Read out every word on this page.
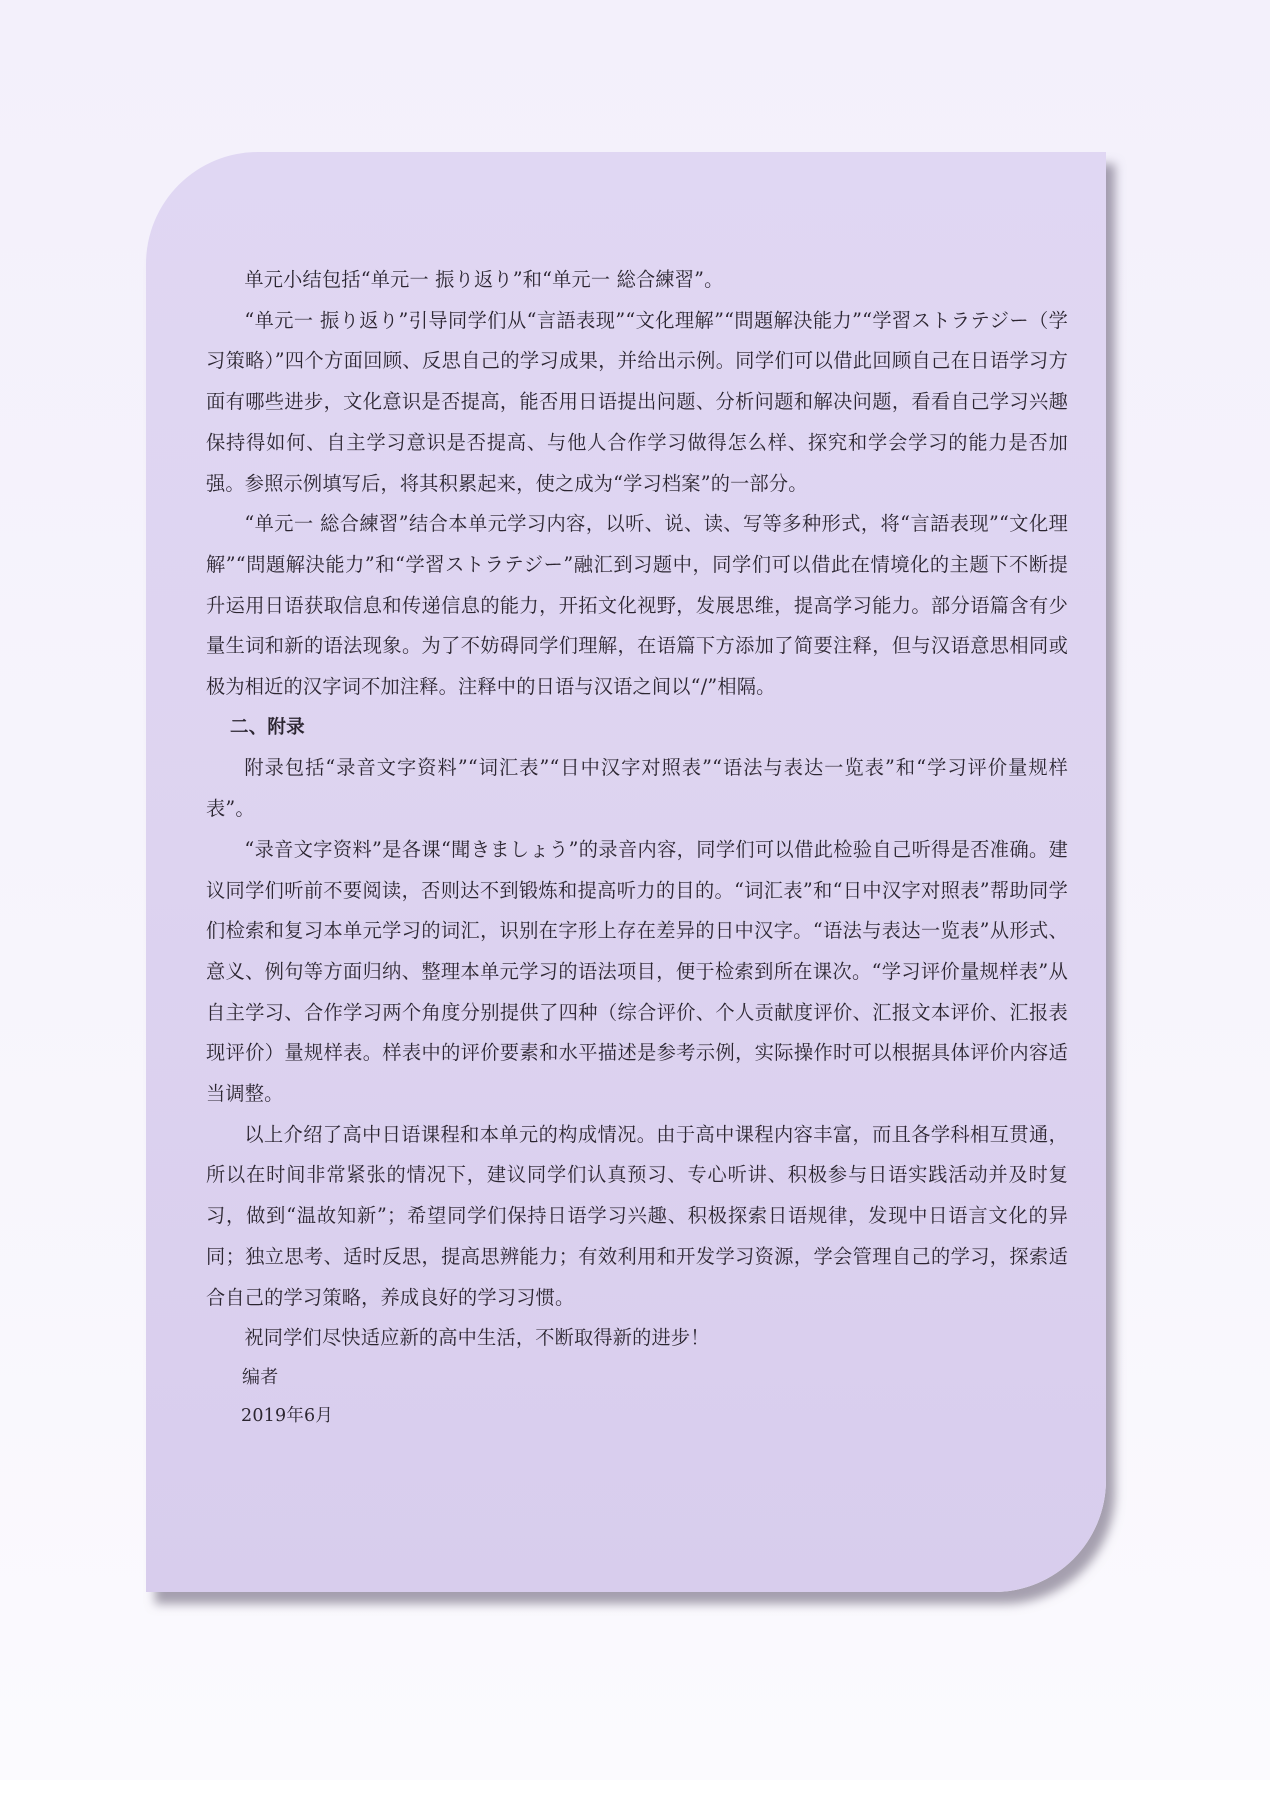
单元小结包括“单元一 振り返り”和“单元一 総合練習”。

“单元一 振り返り”引导同学们从“言語表现”“文化理解”“問題解決能力”“学習ストラテジー（学习策略）”四个方面回顾、反思自己的学习成果，并给出示例。同学们可以借此回顾自己在日语学习方面有哪些进步，文化意识是否提高，能否用日语提出问题、分析问题和解决问题，看看自己学习兴趣保持得如何、自主学习意识是否提高、与他人合作学习做得怎么样、探究和学会学习的能力是否加强。参照示例填写后，将其积累起来，使之成为“学习档案”的一部分。

“单元一 総合練習”结合本单元学习内容，以听、说、读、写等多种形式，将“言語表现”“文化理解”“問題解決能力”和“学習ストラテジー”融汇到习题中，同学们可以借此在情境化的主题下不断提升运用日语获取信息和传递信息的能力，开拓文化视野，发展思维，提高学习能力。部分语篇含有少量生词和新的语法现象。为了不妨碍同学们理解，在语篇下方添加了简要注释，但与汉语意思相同或极为相近的汉字词不加注释。注释中的日语与汉语之间以“/”相隔。

二、附录

附录包括“录音文字资料”“词汇表”“日中汉字对照表”“语法与表达一览表”和“学习评价量规样表”。

“录音文字资料”是各课“聞きましょう”的录音内容，同学们可以借此检验自己听得是否准确。建议同学们听前不要阅读，否则达不到锻炼和提高听力的目的。“词汇表”和“日中汉字对照表”帮助同学们检索和复习本单元学习的词汇，识别在字形上存在差异的日中汉字。“语法与表达一览表”从形式、意义、例句等方面归纳、整理本单元学习的语法项目，便于检索到所在课次。“学习评价量规样表”从自主学习、合作学习两个角度分别提供了四种（综合评价、个人贡献度评价、汇报文本评价、汇报表现评价）量规样表。样表中的评价要素和水平描述是参考示例，实际操作时可以根据具体评价内容适当调整。

以上介绍了高中日语课程和本单元的构成情况。由于高中课程内容丰富，而且各学科相互贯通，所以在时间非常紧张的情况下，建议同学们认真预习、专心听讲、积极参与日语实践活动并及时复习，做到“温故知新”；希望同学们保持日语学习兴趣、积极探索日语规律，发现中日语言文化的异同；独立思考、适时反思，提高思辨能力；有效利用和开发学习资源，学会管理自己的学习，探索适合自己的学习策略，养成良好的学习习惯。

祝同学们尽快适应新的高中生活，不断取得新的进步！

编者

2019年6月
